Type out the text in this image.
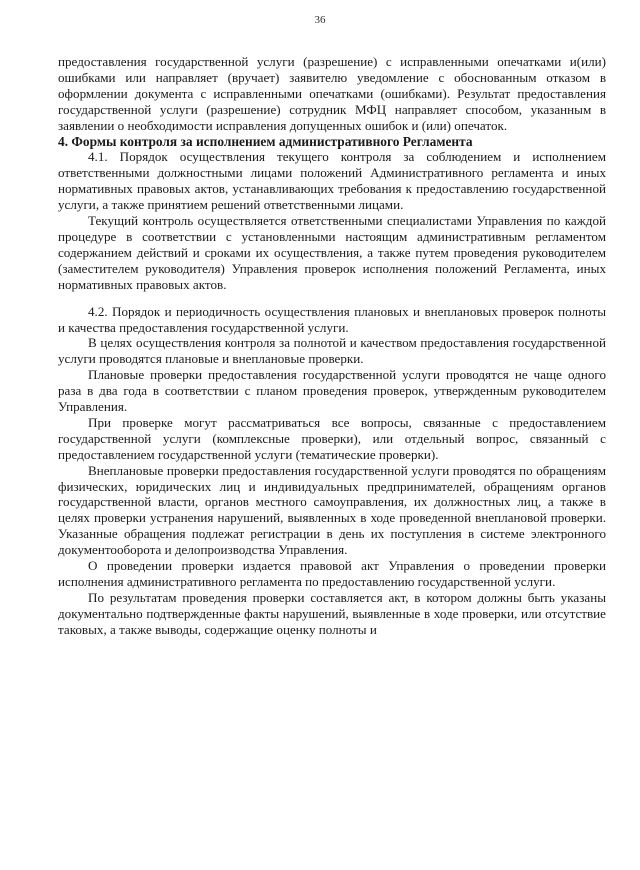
36

предоставления государственной услуги (разрешение) с исправленными опечатками и(или) ошибками или направляет (вручает) заявителю уведомление с обоснованным отказом в оформлении документа с исправленными опечатками (ошибками). Результат предоставления государственной услуги (разрешение) сотрудник МФЦ направляет способом, указанным в заявлении о необходимости исправления допущенных ошибок и (или) опечаток.

4. Формы контроля за исполнением административного Регламента

4.1. Порядок осуществления текущего контроля за соблюдением и исполнением ответственными должностными лицами положений Административного регламента и иных нормативных правовых актов, устанавливающих требования к предоставлению государственной услуги, а также принятием решений ответственными лицами.

Текущий контроль осуществляется ответственными специалистами Управления по каждой процедуре в соответствии с установленными настоящим административным регламентом содержанием действий и сроками их осуществления, а также путем проведения руководителем (заместителем руководителя) Управления проверок исполнения положений Регламента, иных нормативных правовых актов.

4.2. Порядок и периодичность осуществления плановых и внеплановых проверок полноты и качества предоставления государственной услуги.

В целях осуществления контроля за полнотой и качеством предоставления государственной услуги проводятся плановые и внеплановые проверки.

Плановые проверки предоставления государственной услуги проводятся не чаще одного раза в два года в соответствии с планом проведения проверок, утвержденным руководителем Управления.

При проверке могут рассматриваться все вопросы, связанные с предоставлением государственной услуги (комплексные проверки), или отдельный вопрос, связанный с предоставлением государственной услуги (тематические проверки).

Внеплановые проверки предоставления государственной услуги проводятся по обращениям физических, юридических лиц и индивидуальных предпринимателей, обращениям органов государственной власти, органов местного самоуправления, их должностных лиц, а также в целях проверки устранения нарушений, выявленных в ходе проведенной внеплановой проверки. Указанные обращения подлежат регистрации в день их поступления в системе электронного документооборота и делопроизводства Управления.

О проведении проверки издается правовой акт Управления о проведении проверки исполнения административного регламента по предоставлению государственной услуги.

По результатам проведения проверки составляется акт, в котором должны быть указаны документально подтвержденные факты нарушений, выявленные в ходе проверки, или отсутствие таковых, а также выводы, содержащие оценку полноты и
